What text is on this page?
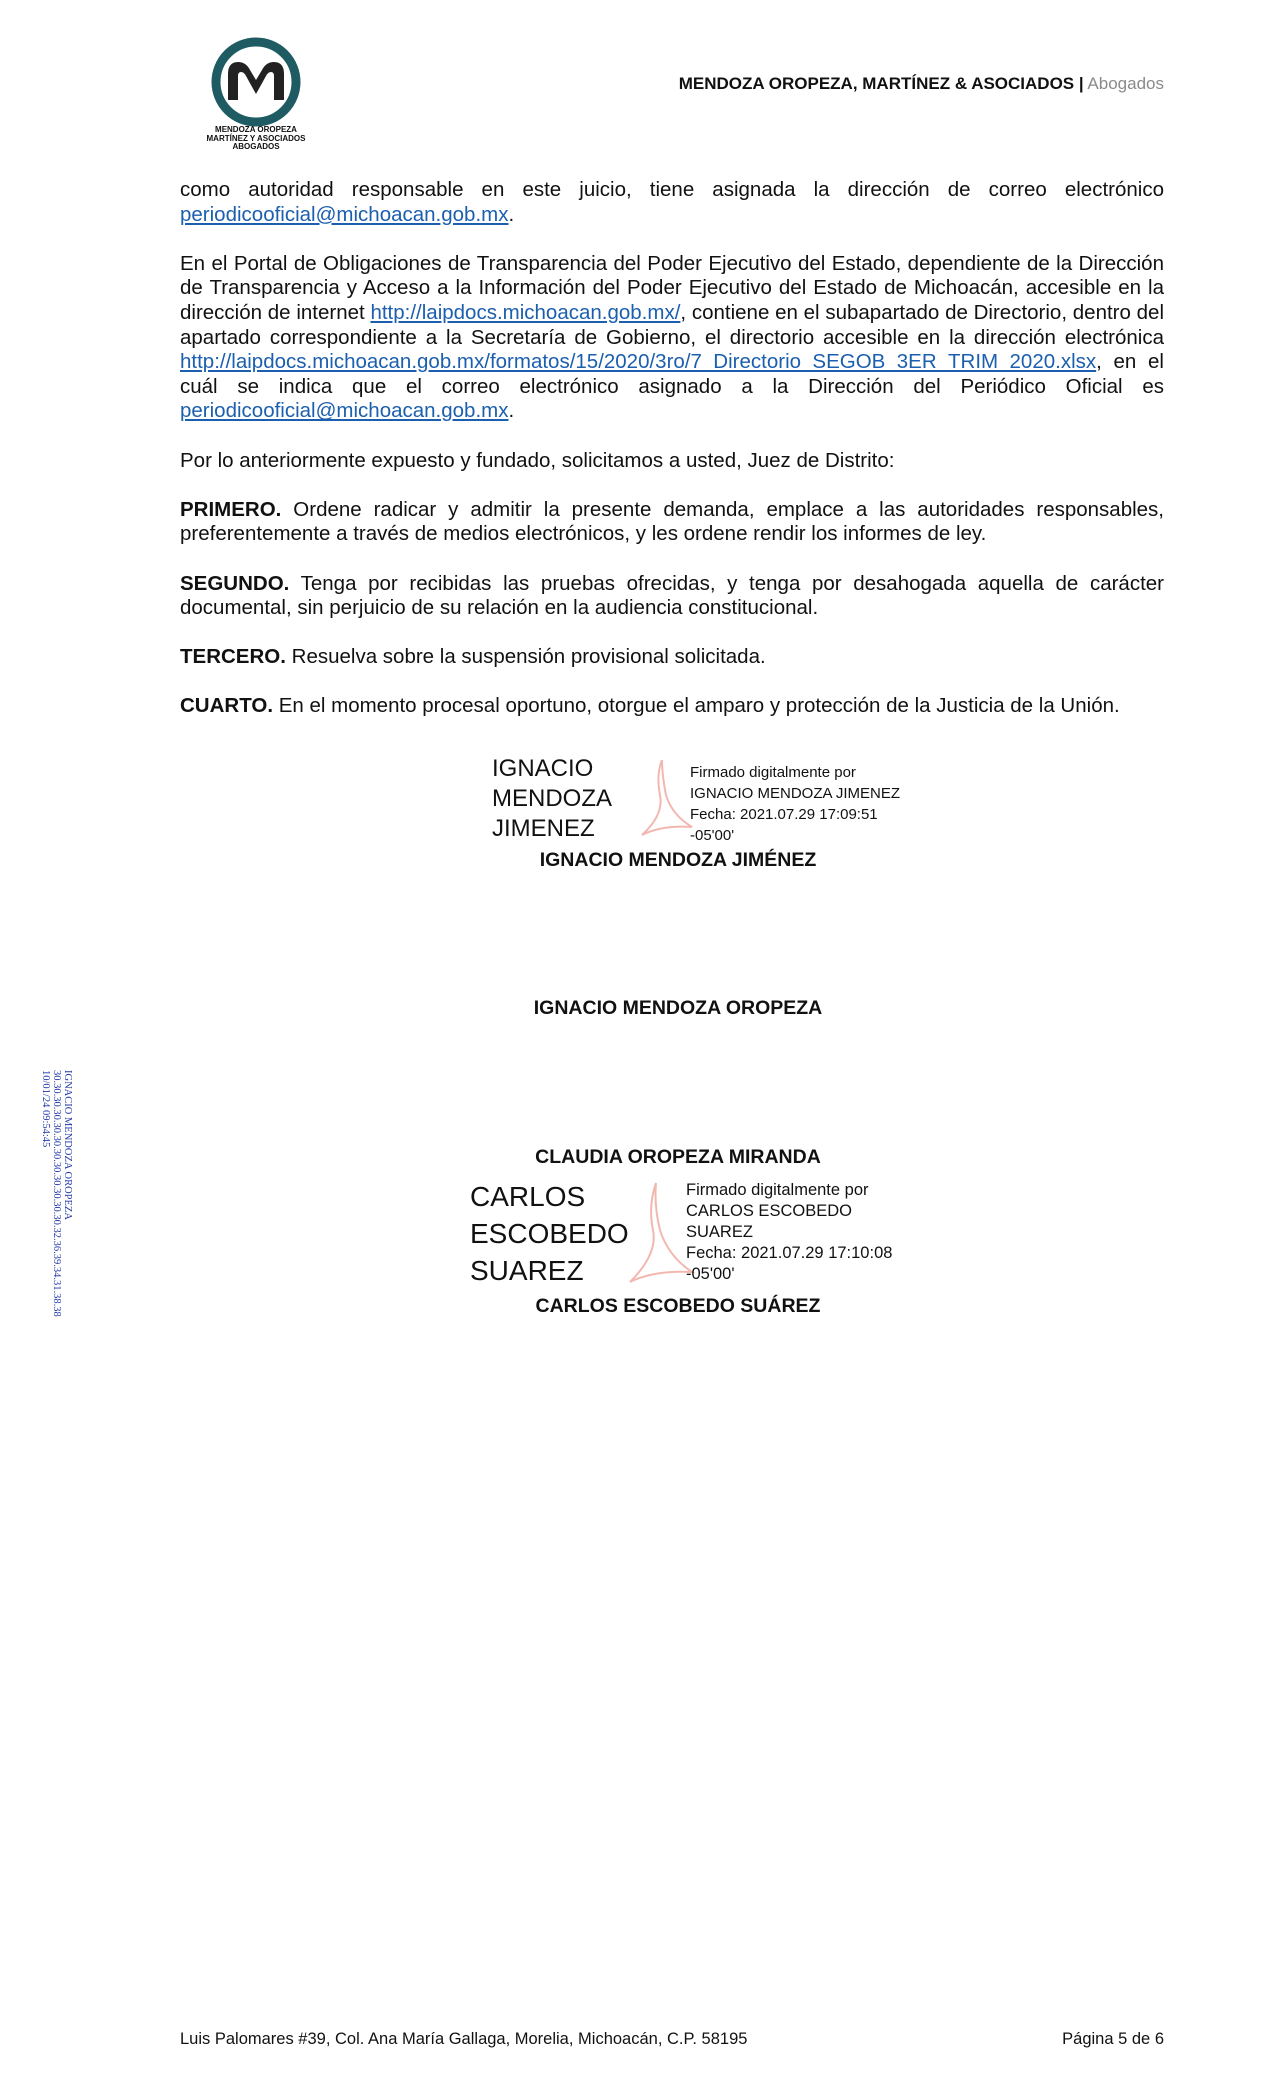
MENDOZA OROPEZA
MARTÍNEZ Y ASOCIADOS
ABOGADOS
MENDOZA OROPEZA, MARTÍNEZ & ASOCIADOS | Abogados

como autoridad responsable en este juicio, tiene asignada la dirección de correo electrónico periodicooficial@michoacan.gob.mx.

En el Portal de Obligaciones de Transparencia del Poder Ejecutivo del Estado, dependiente de la Dirección de Transparencia y Acceso a la Información del Poder Ejecutivo del Estado de Michoacán, accesible en la dirección de internet http://laipdocs.michoacan.gob.mx/, contiene en el subapartado de Directorio, dentro del apartado correspondiente a la Secretaría de Gobierno, el directorio accesible en la dirección electrónica http://laipdocs.michoacan.gob.mx/formatos/15/2020/3ro/7_Directorio_SEGOB_3ER_TRIM_2020.xlsx, en el cuál se indica que el correo electrónico asignado a la Dirección del Periódico Oficial es periodicooficial@michoacan.gob.mx.

Por lo anteriormente expuesto y fundado, solicitamos a usted, Juez de Distrito:

PRIMERO. Ordene radicar y admitir la presente demanda, emplace a las autoridades responsables, preferentemente a través de medios electrónicos, y les ordene rendir los informes de ley.

SEGUNDO. Tenga por recibidas las pruebas ofrecidas, y tenga por desahogada aquella de carácter documental, sin perjuicio de su relación en la audiencia constitucional.

TERCERO. Resuelva sobre la suspensión provisional solicitada.

CUARTO. En el momento procesal oportuno, otorgue el amparo y protección de la Justicia de la Unión.

IGNACIO
MENDOZA
JIMENEZ
Firmado digitalmente por
IGNACIO MENDOZA JIMENEZ
Fecha: 2021.07.29 17:09:51
-05'00'
IGNACIO MENDOZA JIMÉNEZ
IGNACIO MENDOZA OROPEZA
CLAUDIA OROPEZA MIRANDA
CARLOS
ESCOBEDO
SUAREZ
Firmado digitalmente por
CARLOS ESCOBEDO
SUAREZ
Fecha: 2021.07.29 17:10:08
-05'00'
CARLOS ESCOBEDO SUÁREZ
IGNACIO MENDOZA OROPEZA
30.30.30.30.30.30.30.30.30.30.30.30.32.36.39.34.31.38.38
10/01/24 09:54:45
Luis Palomares #39, Col. Ana María Gallaga, Morelia, Michoacán, C.P. 58195	Página 5 de 6
